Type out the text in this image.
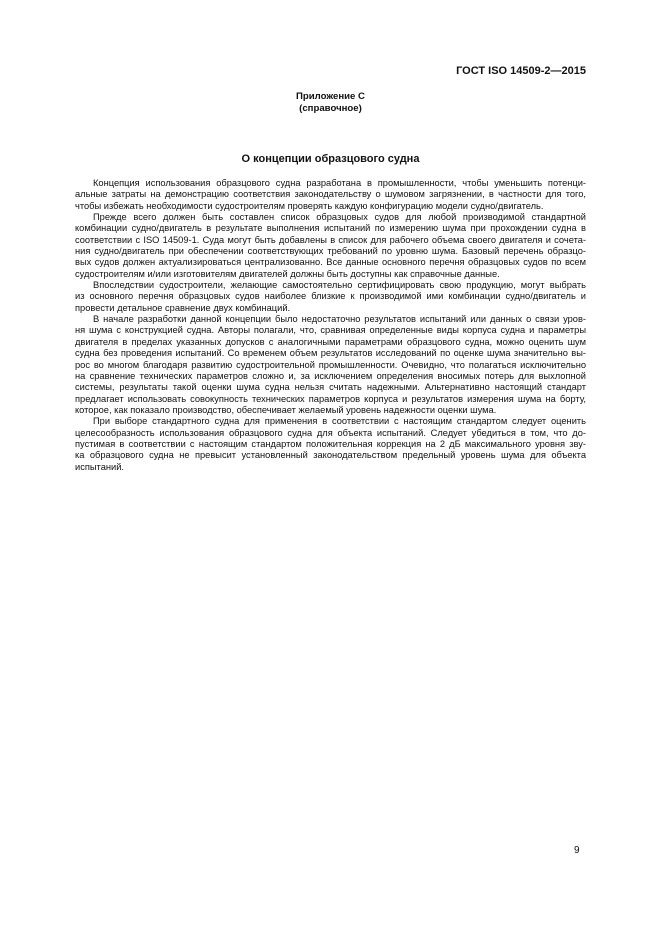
ГОСТ ISO 14509-2—2015
Приложение С
(справочное)
О концепции образцового судна
Концепция использования образцового судна разработана в промышленности, чтобы уменьшить потенци-
альные затраты на демонстрацию соответствия законодательству о шумовом загрязнении, в частности для того,
чтобы избежать необходимости судостроителям проверять каждую конфигурацию модели судно/двигатель.
Прежде всего должен быть составлен список образцовых судов для любой производимой стандартной
комбинации судно/двигатель в результате выполнения испытаний по измерению шума при прохождении судна в
соответствии с ISO 14509-1. Суда могут быть добавлены в список для рабочего объема своего двигателя и сочета-
ния судно/двигатель при обеспечении соответствующих требований по уровню шума. Базовый перечень образцо-
вых судов должен актуализироваться централизованно. Все данные основного перечня образцовых судов по всем
судостроителям и/или изготовителям двигателей должны быть доступны как справочные данные.
Впоследствии судостроители, желающие самостоятельно сертифицировать свою продукцию, могут выбрать
из основного перечня образцовых судов наиболее близкие к производимой ими комбинации судно/двигатель и
провести детальное сравнение двух комбинаций.
В начале разработки данной концепции было недостаточно результатов испытаний или данных о связи уров-
ня шума с конструкцией судна. Авторы полагали, что, сравнивая определенные виды корпуса судна и параметры
двигателя в пределах указанных допусков с аналогичными параметрами образцового судна, можно оценить шум
судна без проведения испытаний. Со временем объем результатов исследований по оценке шума значительно вы-
рос во многом благодаря развитию судостроительной промышленности. Очевидно, что полагаться исключительно
на сравнение технических параметров сложно и, за исключением определения вносимых потерь для выхлопной
системы, результаты такой оценки шума судна нельзя считать надежными. Альтернативно настоящий стандарт
предлагает использовать совокупность технических параметров корпуса и результатов измерения шума на борту,
которое, как показало производство, обеспечивает желаемый уровень надежности оценки шума.
При выборе стандартного судна для применения в соответствии с настоящим стандартом следует оценить
целесообразность использования образцового судна для объекта испытаний. Следует убедиться в том, что до-
пустимая в соответствии с настоящим стандартом положительная коррекция на 2 дБ максимального уровня зву-
ка образцового судна не превысит установленный законодательством предельный уровень шума для объекта
испытаний.
9
